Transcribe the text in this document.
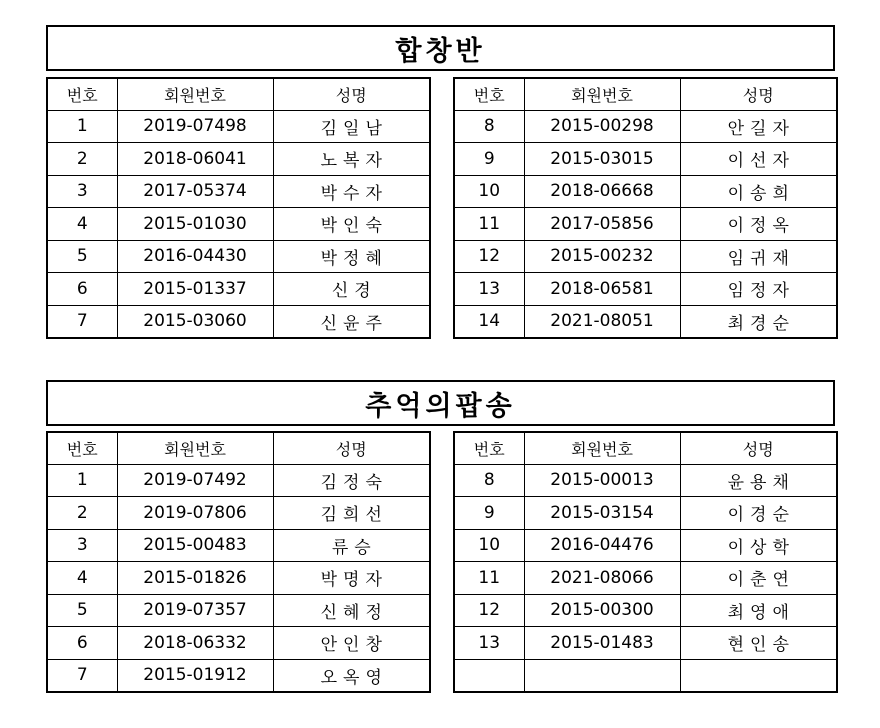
합창반
번호	회원번호	성명
1	2019-07498	김일남
2	2018-06041	노복자
3	2017-05374	박수자
4	2015-01030	박인숙
5	2016-04430	박정혜
6	2015-01337	신경
7	2015-03060	신윤주
번호	회원번호	성명
8	2015-00298	안길자
9	2015-03015	이선자
10	2018-06668	이송희
11	2017-05856	이정옥
12	2015-00232	임귀재
13	2018-06581	임정자
14	2021-08051	최경순
추억의팝송
번호	회원번호	성명
1	2019-07492	김정숙
2	2019-07806	김희선
3	2015-00483	류승
4	2015-01826	박명자
5	2019-07357	신혜정
6	2018-06332	안인창
7	2015-01912	오옥영
번호	회원번호	성명
8	2015-00013	윤용채
9	2015-03154	이경순
10	2016-04476	이상학
11	2021-08066	이춘연
12	2015-00300	최영애
13	2015-01483	현인송
